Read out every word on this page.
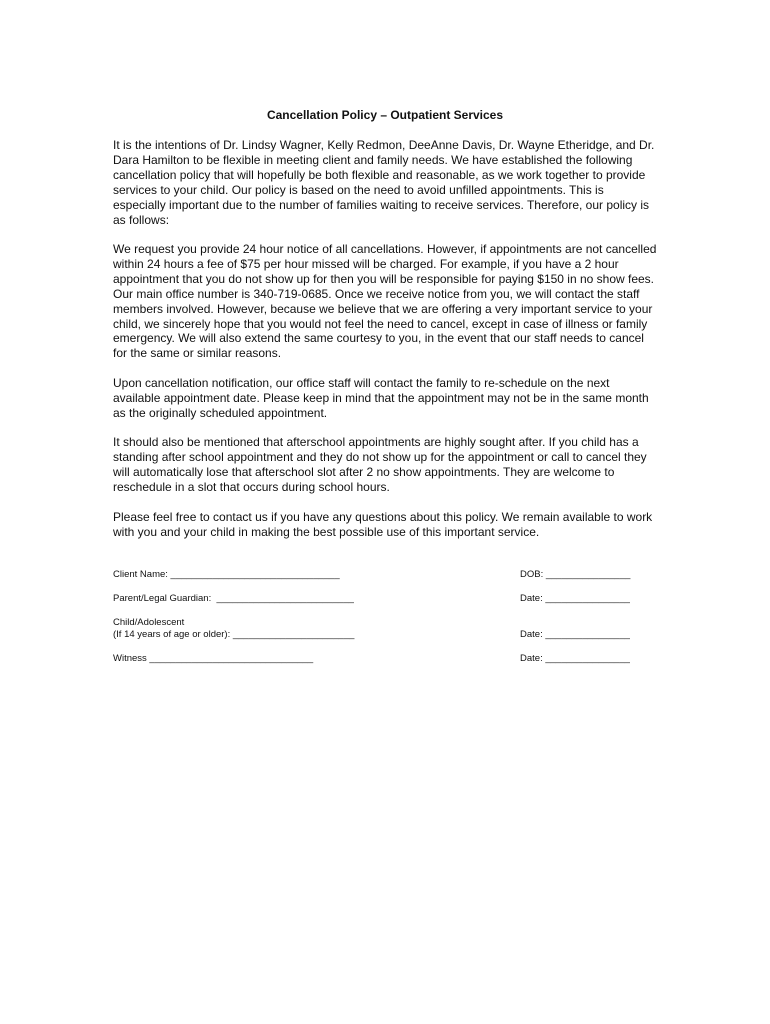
Cancellation Policy – Outpatient Services

It is the intentions of Dr. Lindsy Wagner, Kelly Redmon, DeeAnne Davis, Dr. Wayne Etheridge, and Dr. Dara Hamilton to be flexible in meeting client and family needs. We have established the following cancellation policy that will hopefully be both flexible and reasonable, as we work together to provide services to your child. Our policy is based on the need to avoid unfilled appointments. This is especially important due to the number of families waiting to receive services. Therefore, our policy is as follows:

We request you provide 24 hour notice of all cancellations. However, if appointments are not cancelled within 24 hours a fee of $75 per hour missed will be charged. For example, if you have a 2 hour appointment that you do not show up for then you will be responsible for paying $150 in no show fees. Our main office number is 340-719-0685. Once we receive notice from you, we will contact the staff members involved. However, because we believe that we are offering a very important service to your child, we sincerely hope that you would not feel the need to cancel, except in case of illness or family emergency. We will also extend the same courtesy to you, in the event that our staff needs to cancel for the same or similar reasons.

Upon cancellation notification, our office staff will contact the family to re-schedule on the next available appointment date. Please keep in mind that the appointment may not be in the same month as the originally scheduled appointment.

It should also be mentioned that afterschool appointments are highly sought after. If you child has a standing after school appointment and they do not show up for the appointment or call to cancel they will automatically lose that afterschool slot after 2 no show appointments. They are welcome to reschedule in a slot that occurs during school hours.

Please feel free to contact us if you have any questions about this policy. We remain available to work with you and your child in making the best possible use of this important service.

Client Name: ________________________________	DOB: ________________
Parent/Legal Guardian:  __________________________	Date: ________________
Child/Adolescent
(If 14 years of age or older): _______________________	Date: ________________
Witness _______________________________	Date: ________________
